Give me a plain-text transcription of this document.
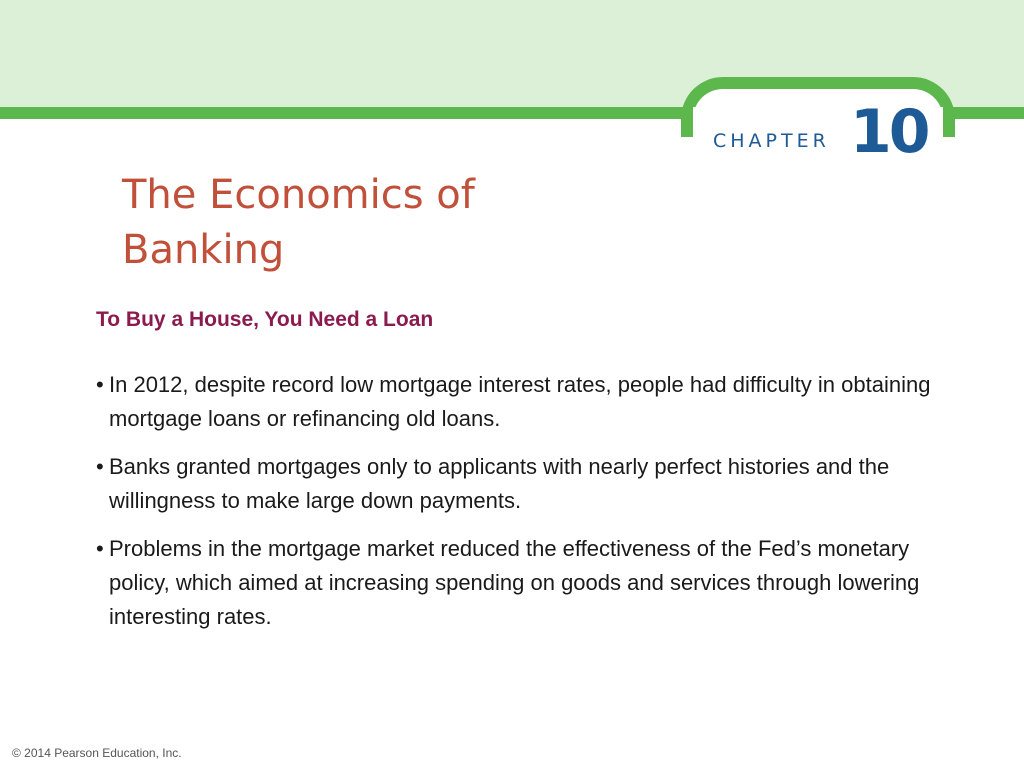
CHAPTER 10
The Economics of
Banking
To Buy a House, You Need a Loan
• In 2012, despite record low mortgage interest rates, people had difficulty in obtaining mortgage loans or refinancing old loans.
• Banks granted mortgages only to applicants with nearly perfect histories and the willingness to make large down payments.
• Problems in the mortgage market reduced the effectiveness of the Fed’s monetary policy, which aimed at increasing spending on goods and services through lowering interesting rates.
© 2014 Pearson Education, Inc.
